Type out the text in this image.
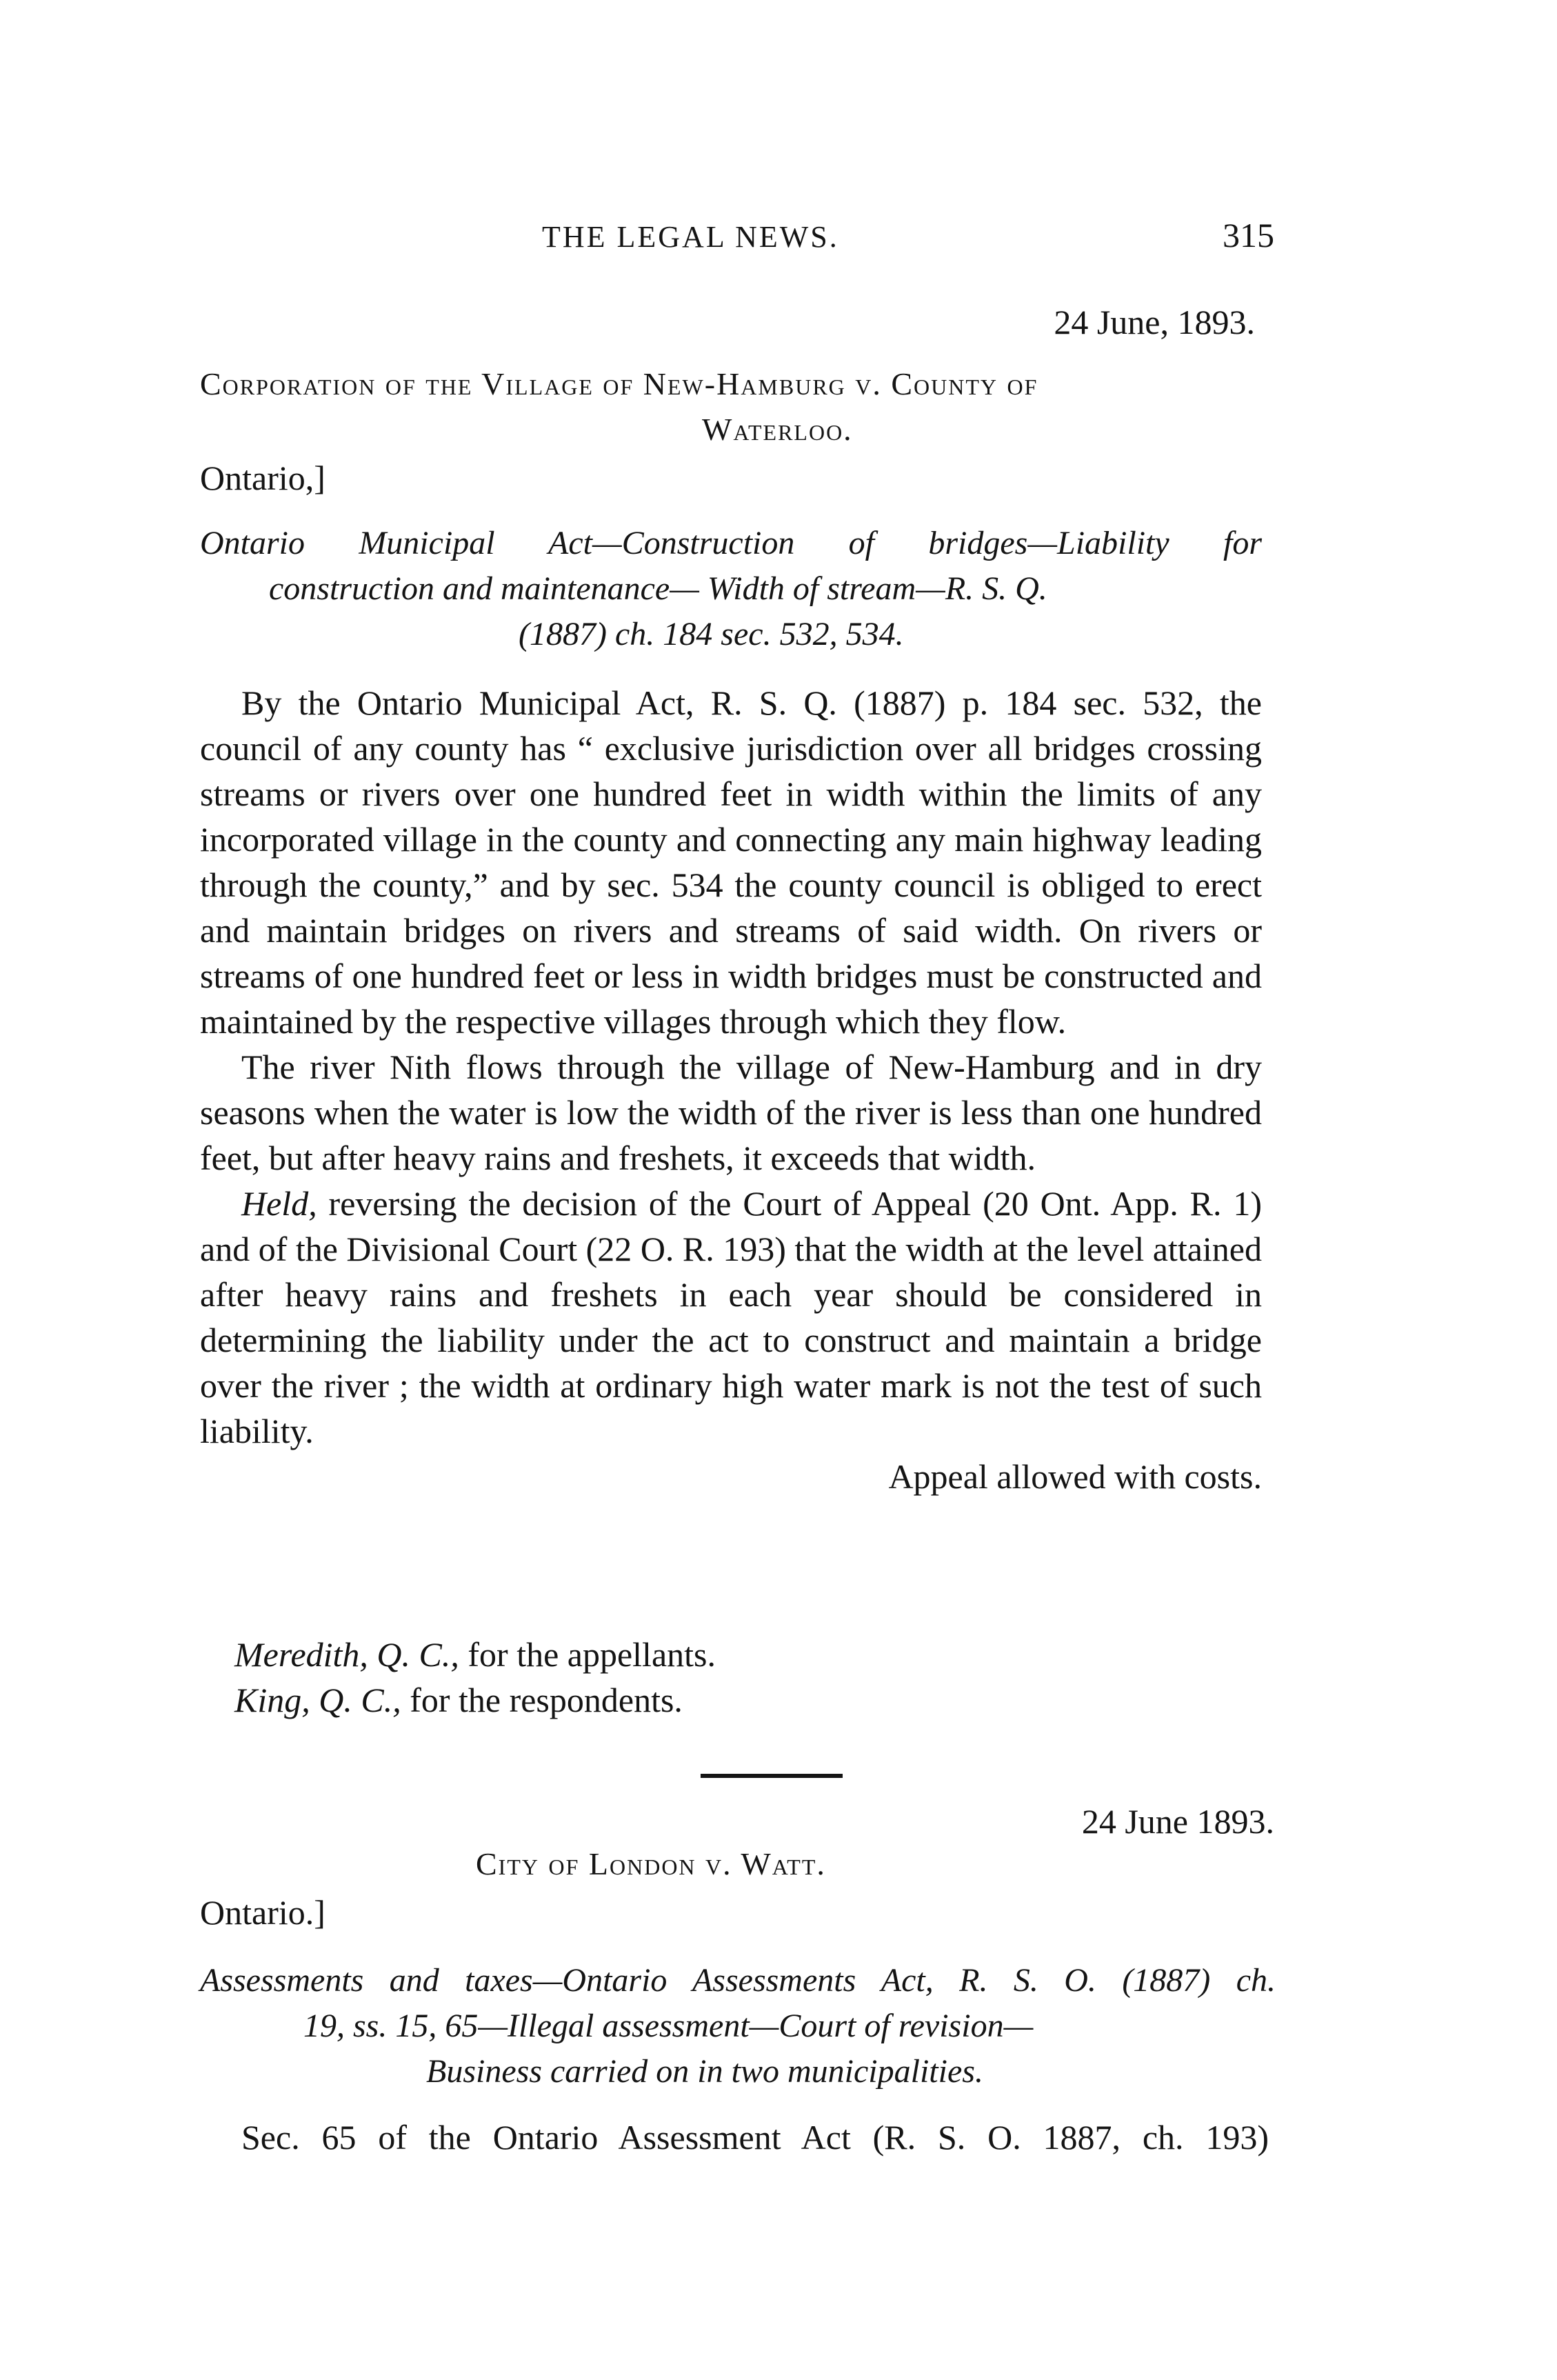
THE LEGAL NEWS.	315
24 June, 1893.
Corporation of the Village of New-Hamburg v. County of
Waterloo.
Ontario,]
Ontario Municipal Act—Construction of bridges—Liability for
construction and maintenance— Width of stream—R. S. Q.
(1887) ch. 184 sec. 532, 534.

By the Ontario Municipal Act, R. S. Q. (1887) p. 184 sec. 532, the council of any county has “ exclusive jurisdiction over all bridges crossing streams or rivers over one hundred feet in width within the limits of any incorporated village in the county and connecting any main highway leading through the county,” and by sec. 534 the county council is obliged to erect and maintain bridges on rivers and streams of said width. On rivers or streams of one hundred feet or less in width bridges must be constructed and maintained by the respective villages through which they flow.

The river Nith flows through the village of New-Hamburg and in dry seasons when the water is low the width of the river is less than one hundred feet, but after heavy rains and freshets, it exceeds that width.

Held, reversing the decision of the Court of Appeal (20 Ont. App. R. 1) and of the Divisional Court (22 O. R. 193) that the width at the level attained after heavy rains and freshets in each year should be considered in determining the liability under the act to construct and maintain a bridge over the river ; the width at ordinary high water mark is not the test of such liability.

Appeal allowed with costs.

Meredith, Q. C., for the appellants.
King, Q. C., for the respondents.
24 June 1893.
City of London v. Watt.
Ontario.]
Assessments and taxes—Ontario Assessments Act, R. S. O. (1887) ch.
19, ss. 15, 65—Illegal assessment—Court of revision—
Business carried on in two municipalities.
Sec. 65 of the Ontario Assessment Act (R. S. O. 1887, ch. 193)
